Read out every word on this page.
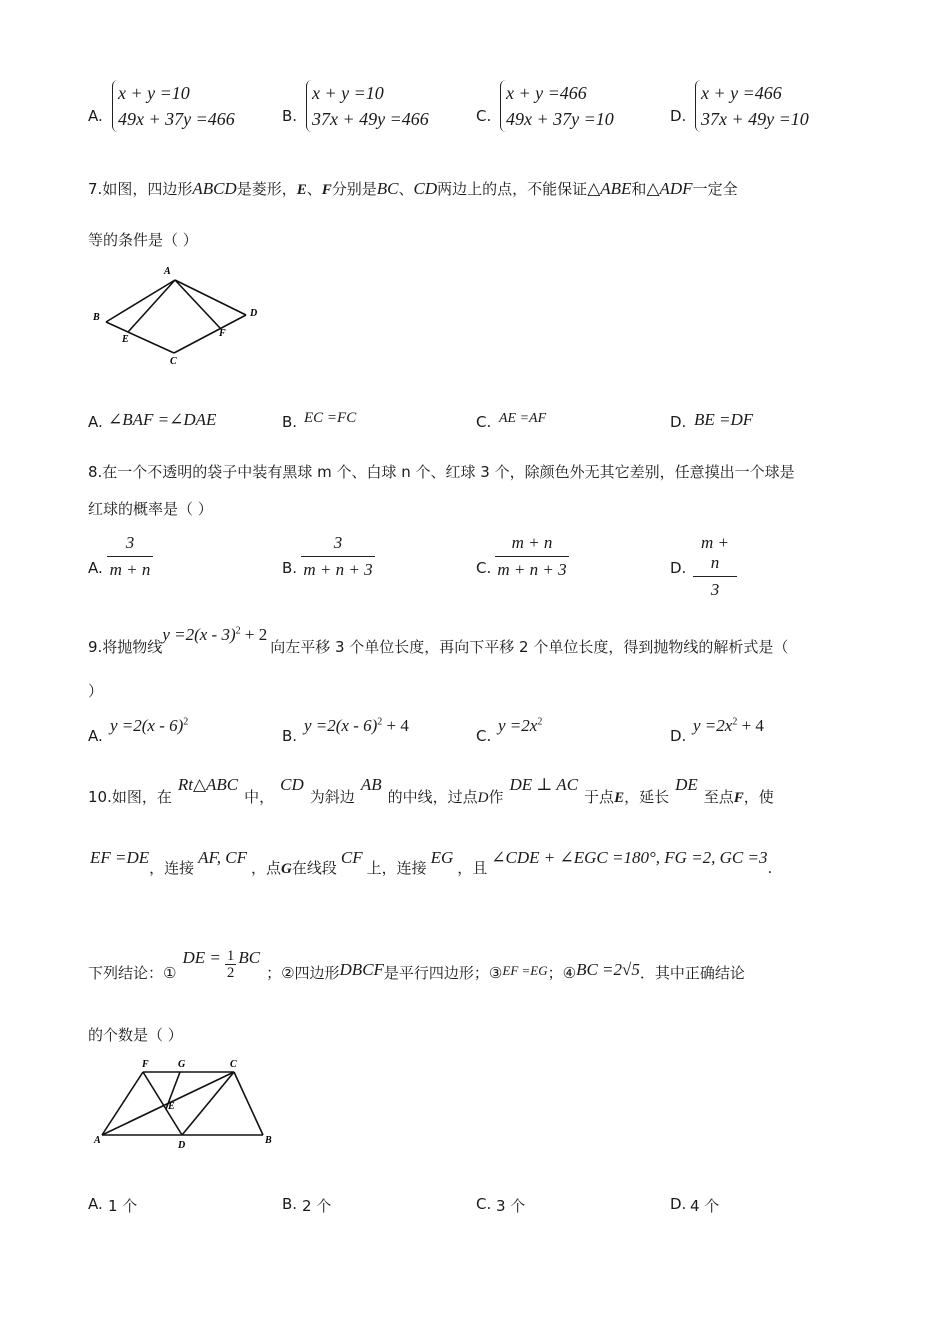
A.
x + y =10
49x + 37y =466	B.
x + y =10
37x + 49y =466	C.
x + y =466
49x + 37y =10	D.
x + y =466
37x + 49y =10
7.如图，四边形ABCD是菱形，E、F分别是BC、CD两边上的点，不能保证△ABE和△ADF一定全
等的条件是（ ）
A
B
C
D
E
F
A. ∠BAF =∠DAE	B. EC =FC	C. AE =AF	D. BE =DF
8.在一个不透明的袋子中装有黑球 m 个、白球 n 个、红球 3 个，除颜色外无其它差别，任意摸出一个球是
红球的概率是（ ）
A. $\frac{3}{m + n}$	B. $\frac{3}{m + n + 3}$	C. $\frac{m + n}{m + n + 3}$	D. $\frac{m + n}{3}$
9.将抛物线y =2(x - 3)$^2$ + 2向左平移 3 个单位长度，再向下平移 2 个单位长度，得到抛物线的解析式是（
）
A.
y =2(x - 6)$^2$
B.
y =2(x - 6)$^2$ + 4
C.
$y =2x^2$
D.
$y =2x^2 + 4$
10.如图，在Rt△ABC中，CD为斜边AB的中线，过点D作DE ⊥ AC于点E，延长DE至点F，使
EF =DE，连接AF, CF，点G在线段CF上，连接EG，且∠CDE + ∠EGC =180°, FG =2, GC =3.
下列结论：①DE = $\frac{1}{2}$ BC；②四边形DBCF是平行四边形；③EF =EG；④BC =2√5．其中正确结论
的个数是（ ）
F	G	C
E
A	D	B
A. 1 个	B. 2 个	C. 3 个	D. 4 个
